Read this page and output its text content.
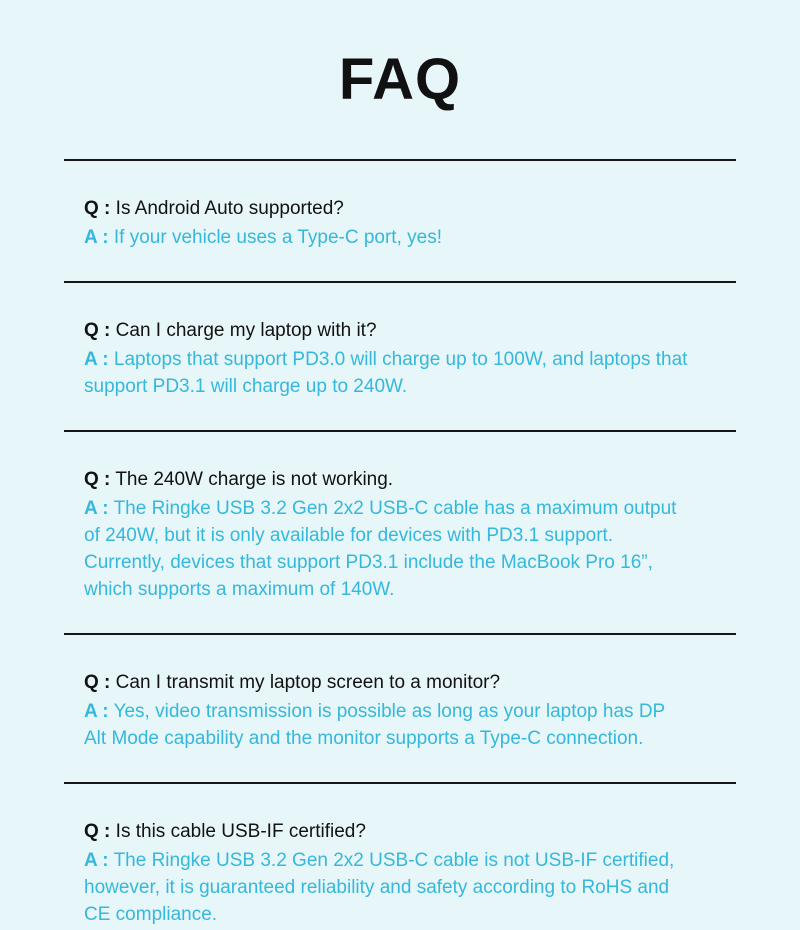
FAQ

Q : Is Android Auto supported?

A : If your vehicle uses a Type-C port, yes!

Q : Can I charge my laptop with it?

A : Laptops that support PD3.0 will charge up to 100W, and laptops that support PD3.1 will charge up to 240W.

Q : The 240W charge is not working.

A : The Ringke USB 3.2 Gen 2x2 USB-C cable has a maximum output of 240W, but it is only available for devices with PD3.1 support. Currently, devices that support PD3.1 include the MacBook Pro 16”, which supports a maximum of 140W.

Q : Can I transmit my laptop screen to a monitor?

A : Yes, video transmission is possible as long as your laptop has DP Alt Mode capability and the monitor supports a Type-C connection.

Q : Is this cable USB-IF certified?

A : The Ringke USB 3.2 Gen 2x2 USB-C cable is not USB-IF certified, however, it is guaranteed reliability and safety according to RoHS and CE compliance.
